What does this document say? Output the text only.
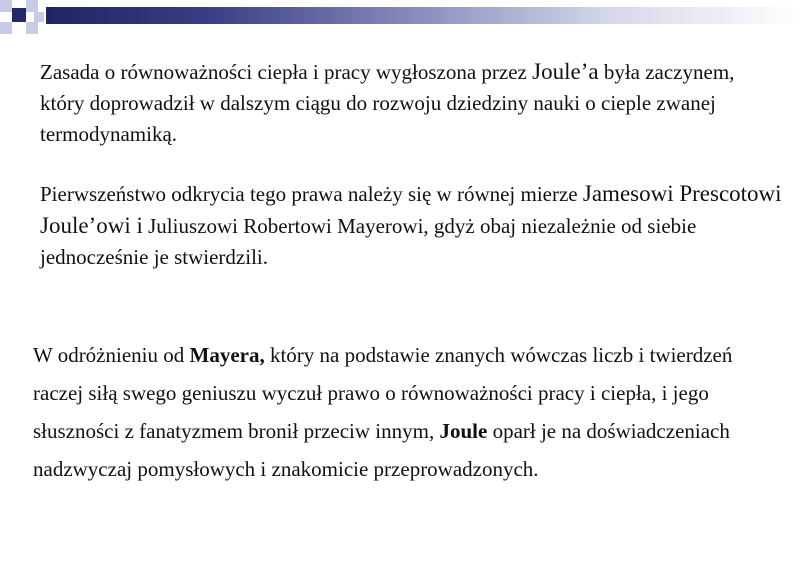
Zasada o równoważności ciepła i pracy wygłoszona przez Joule’a była zaczynem, który doprowadził w dalszym ciągu do rozwoju dziedziny nauki o cieple zwanej termodynamiką.

Pierwszeństwo odkrycia tego prawa należy się w równej mierze Jamesowi Prescotowi Joule’owi i Juliuszowi Robertowi Mayerowi, gdyż obaj niezależnie od siebie jednocześnie je stwierdzili.

W odróżnieniu od Mayera, który na podstawie znanych wówczas liczb i twierdzeń raczej siłą swego geniuszu wyczuł prawo o równoważności pracy i ciepła, i jego słuszności z fanatyzmem bronił przeciw innym, Joule oparł je na doświadczeniach nadzwyczaj pomysłowych i znakomicie przeprowadzonych.
